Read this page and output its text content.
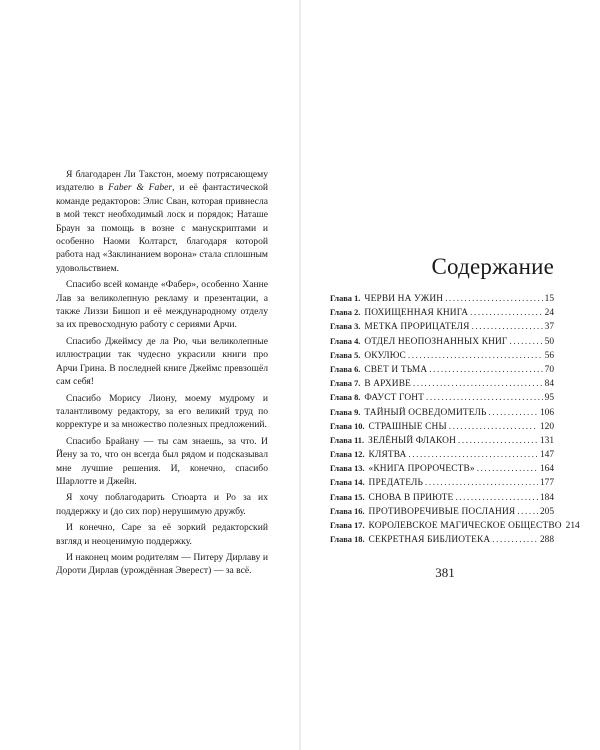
Я благодарен Ли Такстон, моему потрясающему издателю в Faber & Faber, и её фантастической команде редакторов: Элис Сван, которая привнесла в мой текст необходимый лоск и порядок; Наташе Браун за помощь в возне с манускриптами и особенно Наоми Колтарст, благодаря которой работа над «Заклинанием ворона» стала сплошным удовольствием.

Спасибо всей команде «Фабер», особенно Ханне Лав за великолепную рекламу и презентации, а также Лиззи Бишоп и её международному отделу за их превосходную работу с сериями Арчи.

Спасибо Джеймсу де ла Рю, чьи великолепные иллюстрации так чудесно украсили книги про Арчи Грина. В последней книге Джеймс превзошёл сам себя!

Спасибо Морису Лиону, моему мудрому и талантливому редактору, за его великий труд по корректуре и за множество полезных предложений.

Спасибо Брайану — ты сам знаешь, за что. И Йену за то, что он всегда был рядом и подсказывал мне лучшие решения. И, конечно, спасибо Шарлотте и Джейн.

Я хочу поблагодарить Стюарта и Ро за их поддержку и (до сих пор) нерушимую дружбу.

И конечно, Саре за её зоркий редакторский взгляд и неоценимую поддержку.

И наконец моим родителям — Питеру Дирлаву и Дороти Дирлав (урождённая Эверест) — за всё.

Содержание
Глава 1. ЧЕРВИ НА УЖИН .....	15
Глава 2. ПОХИЩЕННАЯ КНИГА .....	24
Глава 3. МЕТКА ПРОРИЦАТЕЛЯ .....	37
Глава 4. ОТДЕЛ НЕОПОЗНАННЫХ КНИГ .....	50
Глава 5. ОКУЛЮС .....	56
Глава 6. СВЕТ И ТЬМА .....	70
Глава 7. В АРХИВЕ .....	84
Глава 8. ФАУСТ ГОНТ .....	95
Глава 9. ТАЙНЫЙ ОСВЕДОМИТЕЛЬ .....	106
Глава 10. СТРАШНЫЕ СНЫ .....	120
Глава 11. ЗЕЛЁНЫЙ ФЛАКОН .....	131
Глава 12. КЛЯТВА .....	147
Глава 13. «КНИГА ПРОРОЧЕСТВ» .....	164
Глава 14. ПРЕДАТЕЛЬ .....	177
Глава 15. СНОВА В ПРИЮТЕ .....	184
Глава 16. ПРОТИВОРЕЧИВЫЕ ПОСЛАНИЯ .....	205
Глава 17. КОРОЛЕВСКОЕ МАГИЧЕСКОЕ ОБЩЕСТВО 214
Глава 18. СЕКРЕТНАЯ БИБЛИОТЕКА .....	288
381
